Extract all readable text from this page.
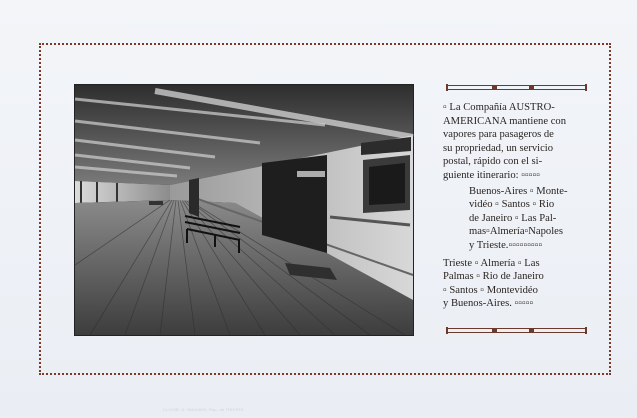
CLICHÉ: D. WAGNER, Rep. de TRIESTE

▫ La Compañía AUSTRO-
AMERICANA mantiene con
vapores para pasageros de
su propriedad, un servicio
postal, rápido con el si-
guiente itinerario: ▫▫▫▫▫

Buenos-Aires ▫ Monte-
vidéo ▫ Santos ▫ Rio
de Janeiro ▫ Las Pal-
mas▫Almería▫Napoles
y Trieste.▫▫▫▫▫▫▫▫▫

Trieste ▫ Almería ▫ Las
Palmas ▫ Rio de Janeiro
▫ Santos ▫ Montevidéo
y Buenos-Aires. ▫▫▫▫▫
